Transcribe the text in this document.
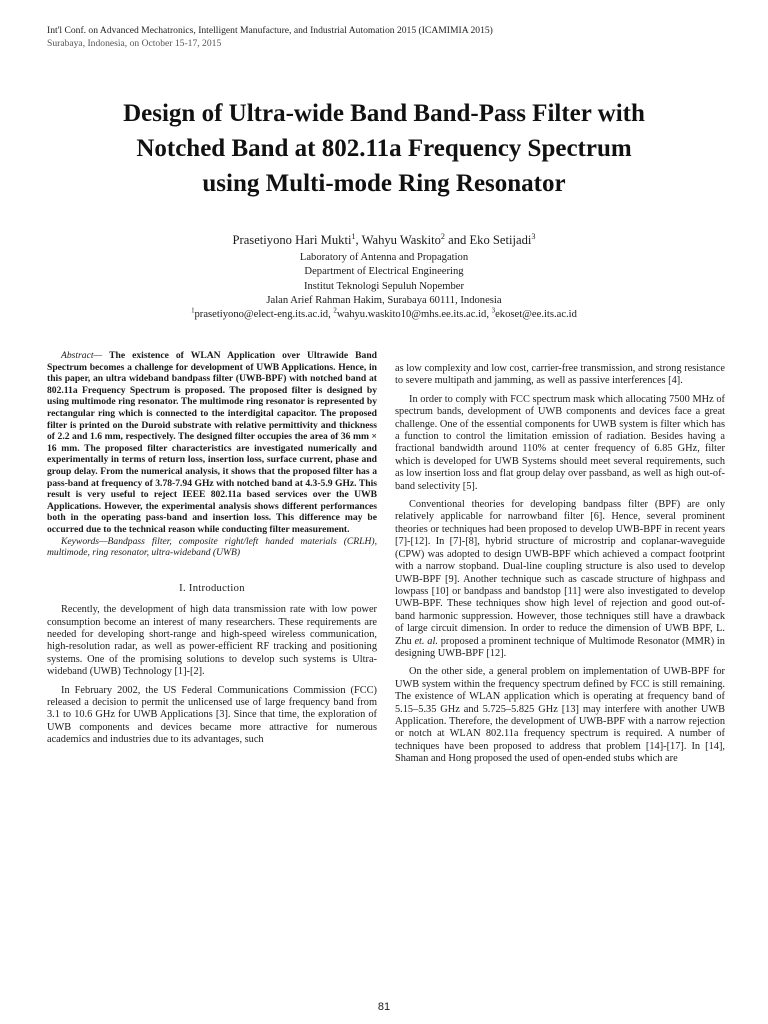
Int'l Conf. on Advanced Mechatronics, Intelligent Manufacture, and Industrial Automation 2015 (ICAMIMIA 2015)
Surabaya, Indonesia, on October 15-17, 2015
Design of Ultra-wide Band Band-Pass Filter with
Notched Band at 802.11a Frequency Spectrum
using Multi-mode Ring Resonator
Prasetiyono Hari Mukti$^1$, Wahyu Waskito$^2$ and Eko Setijadi$^3$
Laboratory of Antenna and Propagation
Department of Electrical Engineering
Institut Teknologi Sepuluh Nopember
Jalan Arief Rahman Hakim, Surabaya 60111, Indonesia
$^1$prasetiyono@elect-eng.its.ac.id, $^2$wahyu.waskito10@mhs.ee.its.ac.id, $^3$ekoset@ee.its.ac.id

Abstract— The existence of WLAN Application over Ultrawide Band Spectrum becomes a challenge for development of UWB Applications. Hence, in this paper, an ultra wideband bandpass filter (UWB-BPF) with notched band at 802.11a Frequency Spectrum is proposed. The proposed filter is designed by using multimode ring resonator. The multimode ring resonator is represented by rectangular ring which is connected to the interdigital capacitor. The proposed filter is printed on the Duroid substrate with relative permittivity and thickness of 2.2 and 1.6 mm, respectively. The designed filter occupies the area of 36 mm × 16 mm. The proposed filter characteristics are investigated numerically and experimentally in terms of return loss, insertion loss, surface current, phase and group delay. From the numerical analysis, it shows that the proposed filter has a pass-band at frequency of 3.78-7.94 GHz with notched band at 4.3-5.9 GHz. This result is very useful to reject IEEE 802.11a based services over the UWB Applications. However, the experimental analysis shows different performances both in the operating pass-band and insertion loss. This difference may be occurred due to the technical reason while conducting filter measurement.

Keywords—Bandpass filter, composite right/left handed materials (CRLH), multimode, ring resonator, ultra-wideband (UWB)

I. Introduction

Recently, the development of high data transmission rate with low power consumption become an interest of many researchers. These requirements are needed for developing short-range and high-speed wireless communication, high-resolution radar, as well as power-efficient RF tracking and positioning systems. One of the promising solutions to develop such systems is Ultra-wideband (UWB) Technology [1]-[2].

In February 2002, the US Federal Communications Commission (FCC) released a decision to permit the unlicensed use of large frequency band from 3.1 to 10.6 GHz for UWB Applications [3]. Since that time, the exploration of UWB components and devices became more attractive for numerous academics and industries due to its advantages, such

as low complexity and low cost, carrier-free transmission, and strong resistance to severe multipath and jamming, as well as passive interferences [4].

In order to comply with FCC spectrum mask which allocating 7500 MHz of spectrum bands, development of UWB components and devices face a great challenge. One of the essential components for UWB system is filter which has a function to control the limitation emission of radiation. Besides having a fractional bandwidth around 110% at center frequency of 6.85 GHz, filter which is developed for UWB Systems should meet several requirements, such as low insertion loss and flat group delay over passband, as well as high out-of-band selectivity [5].

Conventional theories for developing bandpass filter (BPF) are only relatively applicable for narrowband filter [6]. Hence, several prominent theories or techniques had been proposed to develop UWB-BPF in recent years [7]-[12]. In [7]-[8], hybrid structure of microstrip and coplanar-waveguide (CPW) was adopted to design UWB-BPF which achieved a compact footprint with a narrow stopband. Dual-line coupling structure is also used to develop UWB-BPF [9]. Another technique such as cascade structure of highpass and lowpass [10] or bandpass and bandstop [11] were also investigated to develop UWB-BPF. These techniques show high level of rejection and good out-of-band harmonic suppression. However, those techniques still have a drawback of large circuit dimension. In order to reduce the dimension of UWB BPF, L. Zhu et. al. proposed a prominent technique of Multimode Resonator (MMR) in designing UWB-BPF [12].

On the other side, a general problem on implementation of UWB-BPF for UWB system within the frequency spectrum defined by FCC is still remaining. The existence of WLAN application which is operating at frequency band of 5.15–5.35 GHz and 5.725–5.825 GHz [13] may interfere with another UWB Application. Therefore, the development of UWB-BPF with a narrow rejection or notch at WLAN 802.11a frequency spectrum is required. A number of techniques have been proposed to address that problem [14]-[17]. In [14], Shaman and Hong proposed the used of open-ended stubs which are

81
